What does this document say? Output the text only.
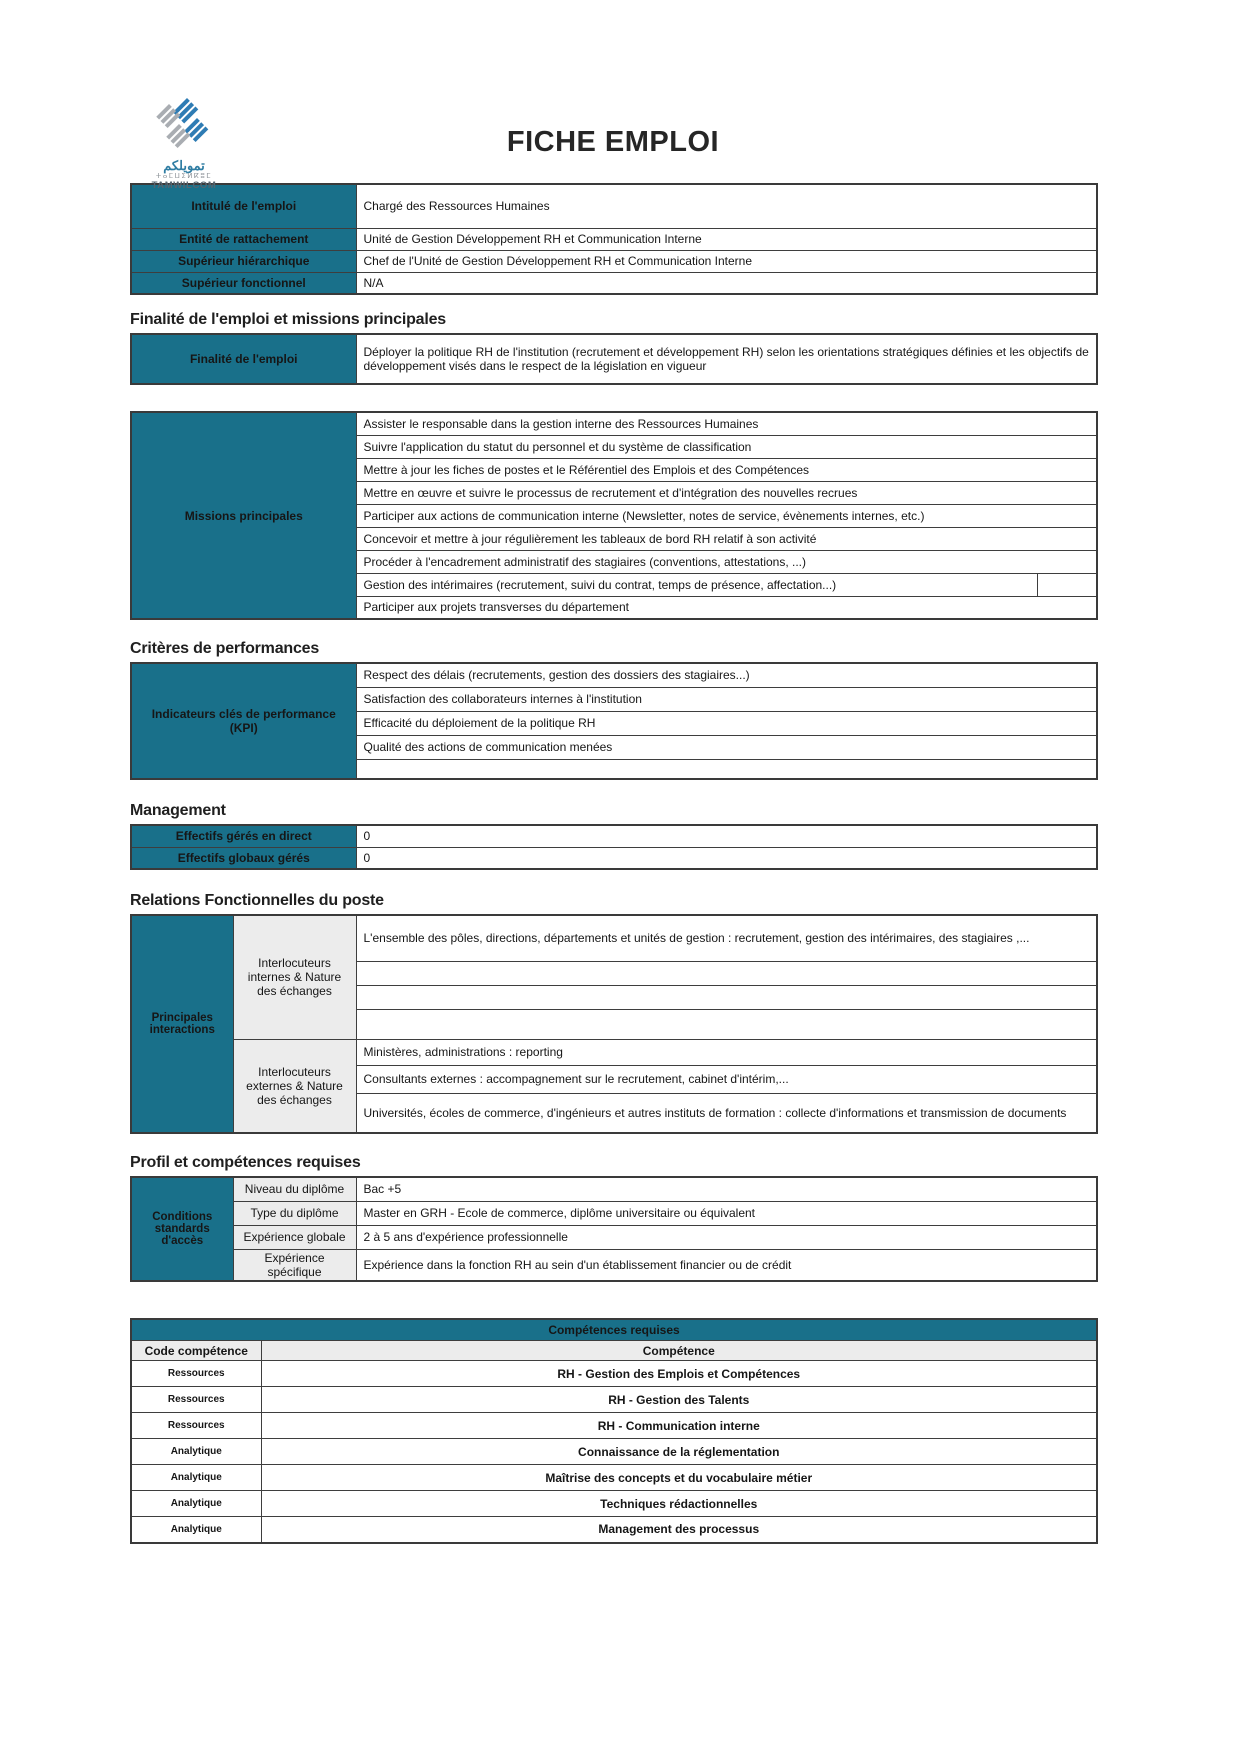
تمويلكم
ⵜⴰⵎⵡⵉⵍⴽⵓⵎ
TAMWILCOM
FICHE EMPLOI
Intitulé de l'emploi	Chargé des Ressources Humaines
Entité de rattachement	Unité de Gestion Développement RH et Communication Interne
Supérieur hiérarchique	Chef de l'Unité de Gestion Développement RH et Communication Interne
Supérieur fonctionnel	N/A
Finalité de l'emploi et missions principales
Finalité de l'emploi	Déployer la politique RH de l'institution (recrutement et développement RH) selon les orientations stratégiques définies et les objectifs de développement visés dans le respect de la législation en vigueur
Missions principales	Assister le responsable dans la gestion interne des Ressources Humaines	
	Suivre l'application du statut du personnel et du système de classification	
	Mettre à jour les fiches de postes et le Référentiel des Emplois et des Compétences	
	Mettre en œuvre et suivre le processus de recrutement et d'intégration des nouvelles recrues	
	Participer aux actions de communication interne (Newsletter, notes de service, évènements internes, etc.)	
	Concevoir et mettre à jour régulièrement les tableaux de bord RH relatif à son activité	
	Procéder à l'encadrement administratif des stagiaires (conventions, attestations, ...)	
	Gestion des intérimaires (recrutement, suivi du contrat, temps de présence, affectation...)	
	Participer aux projets transverses du département	
Critères de performances
Indicateurs clés de performance (KPI)	Respect des délais (recrutements, gestion des dossiers des stagiaires...)
Satisfaction des collaborateurs internes à l'institution
Efficacité du déploiement de la politique RH
Qualité des actions de communication menées

Management
Effectifs gérés en direct	0
Effectifs globaux gérés	0
Relations Fonctionnelles du poste
Principales interactions	Interlocuteurs internes & Nature des échanges	L'ensemble des pôles, directions, départements et unités de gestion : recrutement, gestion des intérimaires, des stagiaires ,...

	Interlocuteurs externes & Nature des échanges	Ministères, administrations : reporting
		Consultants externes : accompagnement sur le recrutement, cabinet d'intérim,...
		Universités, écoles de commerce, d'ingénieurs et autres instituts de formation : collecte d'informations et transmission de documents
Profil et compétences requises
Conditions standards d'accès	Niveau du diplôme	Bac +5
	Type du diplôme	Master en GRH - Ecole de commerce, diplôme universitaire ou équivalent
	Expérience globale	2 à 5 ans d'expérience professionnelle
	Expérience spécifique	Expérience dans la fonction RH au sein d'un établissement financier ou de crédit
Compétences requises	
Code compétence	Compétence
Ressources	RH - Gestion des Emplois et Compétences
Ressources	RH - Gestion des Talents
Ressources	RH - Communication interne
Analytique	Connaissance de la réglementation
Analytique	Maîtrise des concepts et du vocabulaire métier
Analytique	Techniques rédactionnelles
Analytique	Management des processus
